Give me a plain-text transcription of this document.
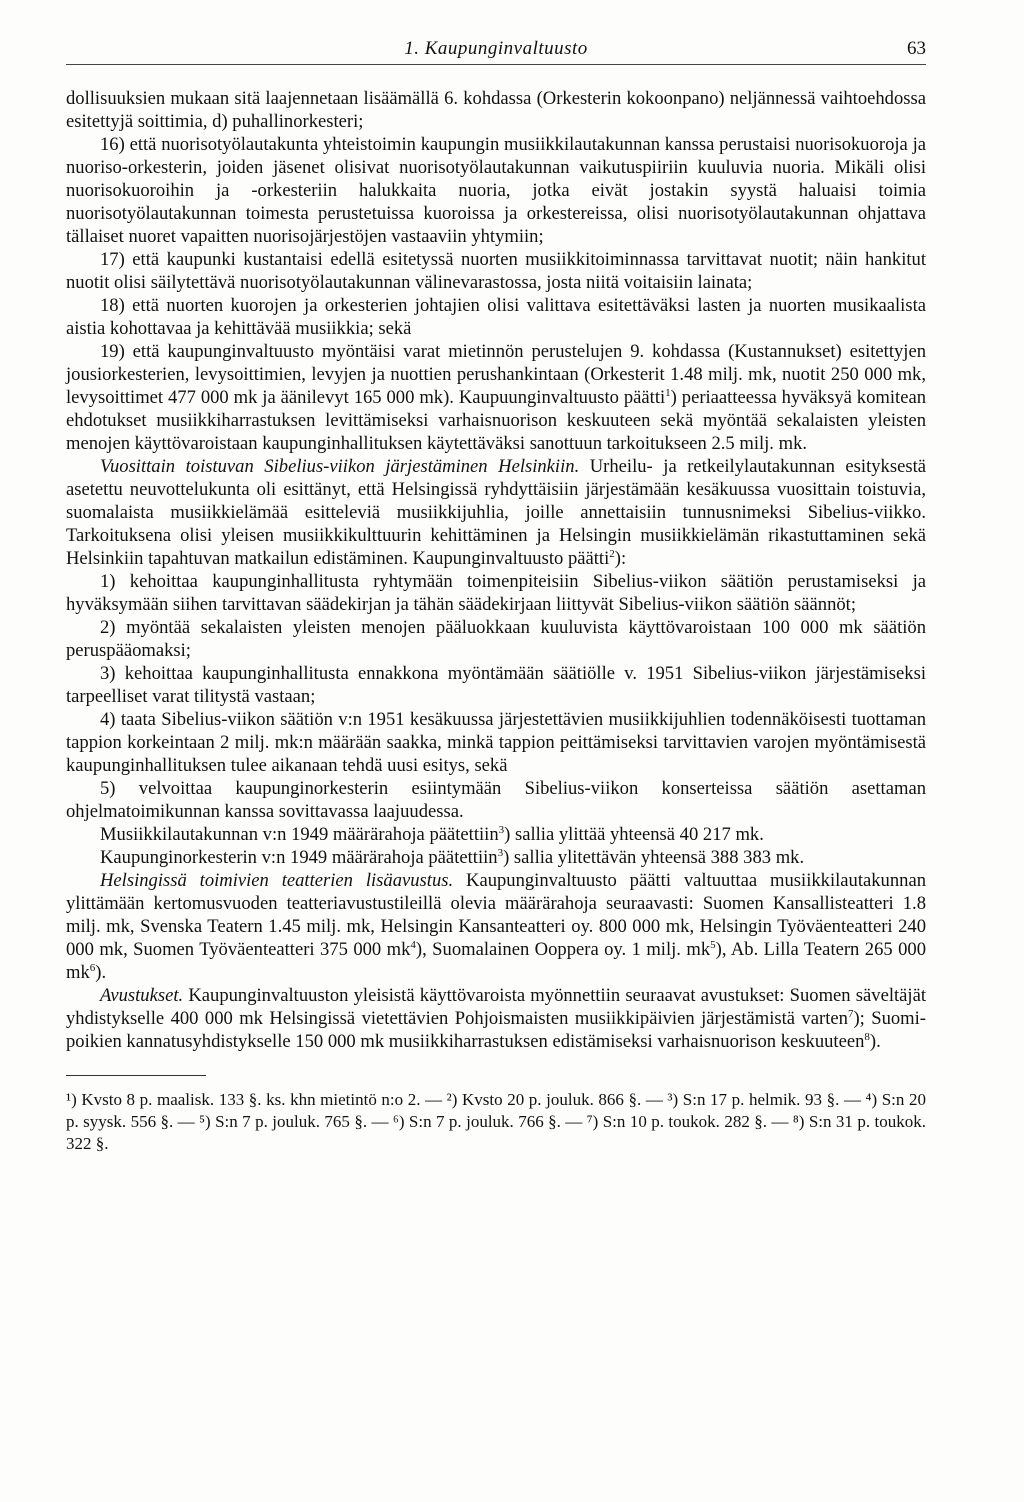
1. Kaupunginvaltuusto	63

dollisuuksien mukaan sitä laajennetaan lisäämällä 6. kohdassa (Orkesterin kokoonpano) neljännessä vaihtoehdossa esitettyjä soittimia, d) puhallinorkesteri;

16) että nuorisotyölautakunta yhteistoimin kaupungin musiikkilautakunnan kanssa perustaisi nuorisokuoroja ja nuoriso-orkesterin, joiden jäsenet olisivat nuorisotyölautakunnan vaikutuspiiriin kuuluvia nuoria. Mikäli olisi nuorisokuoroihin ja -orkesteriin halukkaita nuoria, jotka eivät jostakin syystä haluaisi toimia nuorisotyölautakunnan toimesta perustetuissa kuoroissa ja orkestereissa, olisi nuorisotyölautakunnan ohjattava tällaiset nuoret vapaitten nuorisojärjestöjen vastaaviin yhtymiin;

17) että kaupunki kustantaisi edellä esitetyssä nuorten musiikkitoiminnassa tarvittavat nuotit; näin hankitut nuotit olisi säilytettävä nuorisotyölautakunnan välinevarastossa, josta niitä voitaisiin lainata;

18) että nuorten kuorojen ja orkesterien johtajien olisi valittava esitettäväksi lasten ja nuorten musikaalista aistia kohottavaa ja kehittävää musiikkia; sekä

19) että kaupunginvaltuusto myöntäisi varat mietinnön perustelujen 9. kohdassa (Kustannukset) esitettyjen jousiorkesterien, levysoittimien, levyjen ja nuottien perushankintaan (Orkesterit 1.48 milj. mk, nuotit 250 000 mk, levysoittimet 477 000 mk ja äänilevyt 165 000 mk). Kaupuunginvaltuusto päätti$^1$) periaatteessa hyväksyä komitean ehdotukset musiikkiharrastuksen levittämiseksi varhaisnuorison keskuuteen sekä myöntää sekalaisten yleisten menojen käyttövaroistaan kaupunginhallituksen käytettäväksi sanottuun tarkoitukseen 2.5 milj. mk.

Vuosittain toistuvan Sibelius-viikon järjestäminen Helsinkiin. Urheilu- ja retkeilylautakunnan esityksestä asetettu neuvottelukunta oli esittänyt, että Helsingissä ryhdyttäisiin järjestämään kesäkuussa vuosittain toistuvia, suomalaista musiikkielämää esitteleviä musiikkijuhlia, joille annettaisiin tunnusnimeksi Sibelius-viikko. Tarkoituksena olisi yleisen musiikkikulttuurin kehittäminen ja Helsingin musiikkielämän rikastuttaminen sekä Helsinkiin tapahtuvan matkailun edistäminen. Kaupunginvaltuusto päätti$^2$):

1) kehoittaa kaupunginhallitusta ryhtymään toimenpiteisiin Sibelius-viikon säätiön perustamiseksi ja hyväksymään siihen tarvittavan säädekirjan ja tähän säädekirjaan liittyvät Sibelius-viikon säätiön säännöt;

2) myöntää sekalaisten yleisten menojen pääluokkaan kuuluvista käyttövaroistaan 100 000 mk säätiön peruspääomaksi;

3) kehoittaa kaupunginhallitusta ennakkona myöntämään säätiölle v. 1951 Sibelius-viikon järjestämiseksi tarpeelliset varat tilitystä vastaan;

4) taata Sibelius-viikon säätiön v:n 1951 kesäkuussa järjestettävien musiikkijuhlien todennäköisesti tuottaman tappion korkeintaan 2 milj. mk:n määrään saakka, minkä tappion peittämiseksi tarvittavien varojen myöntämisestä kaupunginhallituksen tulee aikanaan tehdä uusi esitys, sekä

5) velvoittaa kaupunginorkesterin esiintymään Sibelius-viikon konserteissa säätiön asettaman ohjelmatoimikunnan kanssa sovittavassa laajuudessa.

Musiikkilautakunnan v:n 1949 määrärahoja päätettiin$^3$) sallia ylittää yhteensä 40 217 mk.

Kaupunginorkesterin v:n 1949 määrärahoja päätettiin$^3$) sallia ylitettävän yhteensä 388 383 mk.

Helsingissä toimivien teatterien lisäavustus. Kaupunginvaltuusto päätti valtuuttaa musiikkilautakunnan ylittämään kertomusvuoden teatteriavustustileillä olevia määrärahoja seuraavasti: Suomen Kansallisteatteri 1.8 milj. mk, Svenska Teatern 1.45 milj. mk, Helsingin Kansanteatteri oy. 800 000 mk, Helsingin Työväenteatteri 240 000 mk, Suomen Työväenteatteri 375 000 $mk^4$), Suomalainen Ooppera oy. 1 milj. $mk^5$), Ab. Lilla Teatern 265 000 $mk^6$).

Avustukset. Kaupunginvaltuuston yleisistä käyttövaroista myönnettiin seuraavat avustukset: Suomen säveltäjät yhdistykselle 400 000 mk Helsingissä vietettävien Pohjoismaisten musiikkipäivien järjestämistä varten$^7$); Suomi-poikien kannatusyhdistykselle 150 000 mk musiikkiharrastuksen edistämiseksi varhaisnuorison keskuuteen$^8$).

¹) Kvsto 8 p. maalisk. 133 §. ks. khn mietintö n:o 2. — ²) Kvsto 20 p. jouluk. 866 §. — ³) S:n 17 p. helmik. 93 §. — ⁴) S:n 20 p. syysk. 556 §. — ⁵) S:n 7 p. jouluk. 765 §. — ⁶) S:n 7 p. jouluk. 766 §. — ⁷) S:n 10 p. toukok. 282 §. — ⁸) S:n 31 p. toukok. 322 §.
